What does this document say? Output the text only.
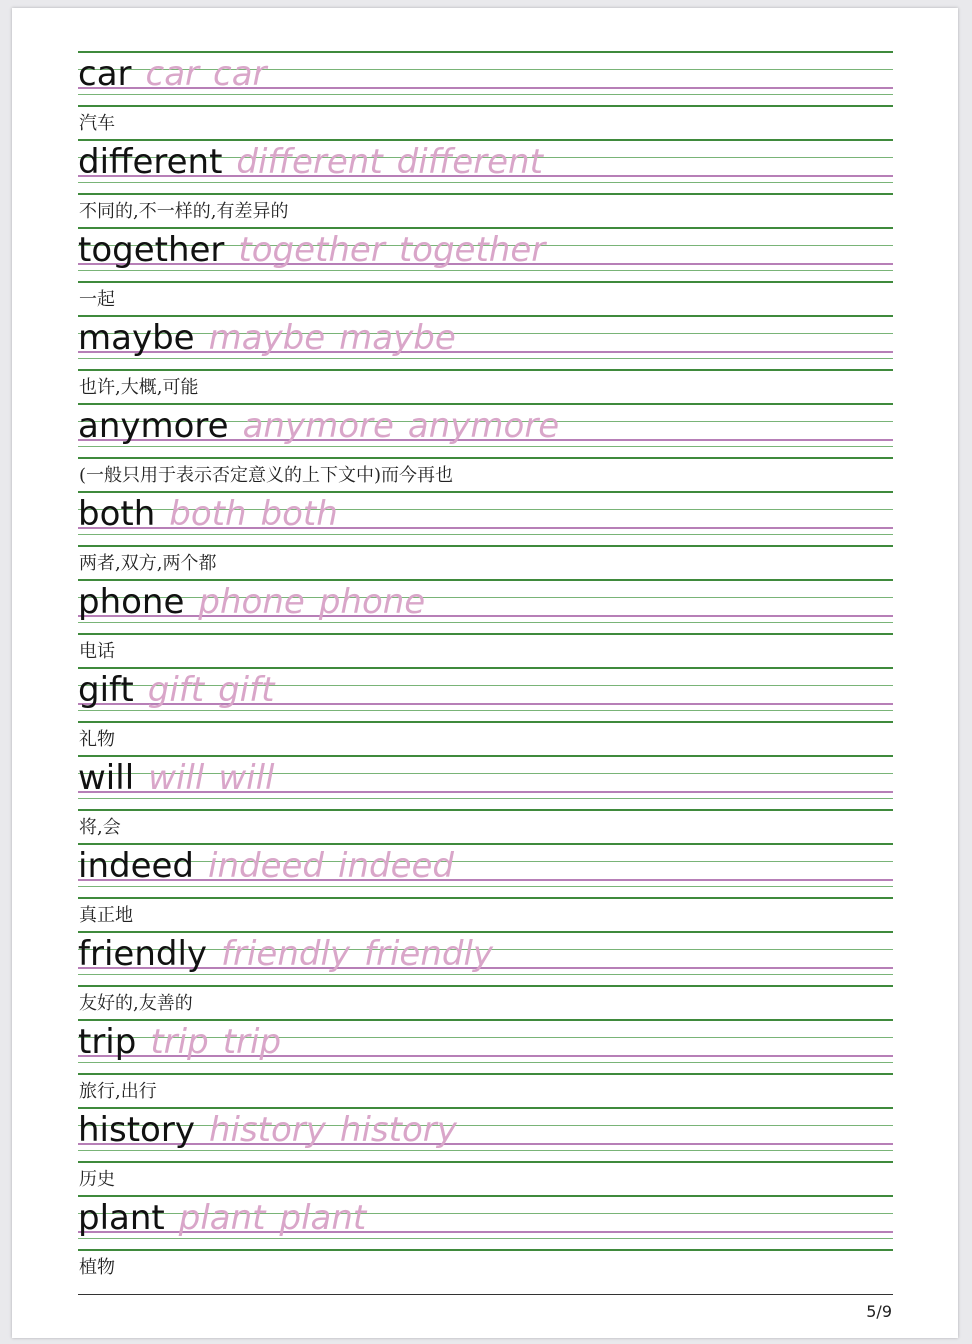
car car car
汽车
different different different
不同的,不一样的,有差异的
together together together
一起
maybe maybe maybe
也许,大概,可能
anymore anymore anymore
(一般只用于表示否定意义的上下文中)而今再也
both both both
两者,双方,两个都
phone phone phone
电话
gift gift gift
礼物
will will will
将,会
indeed indeed indeed
真正地
friendly friendly friendly
友好的,友善的
trip trip trip
旅行,出行
history history history
历史
plant plant plant
植物
5/9
